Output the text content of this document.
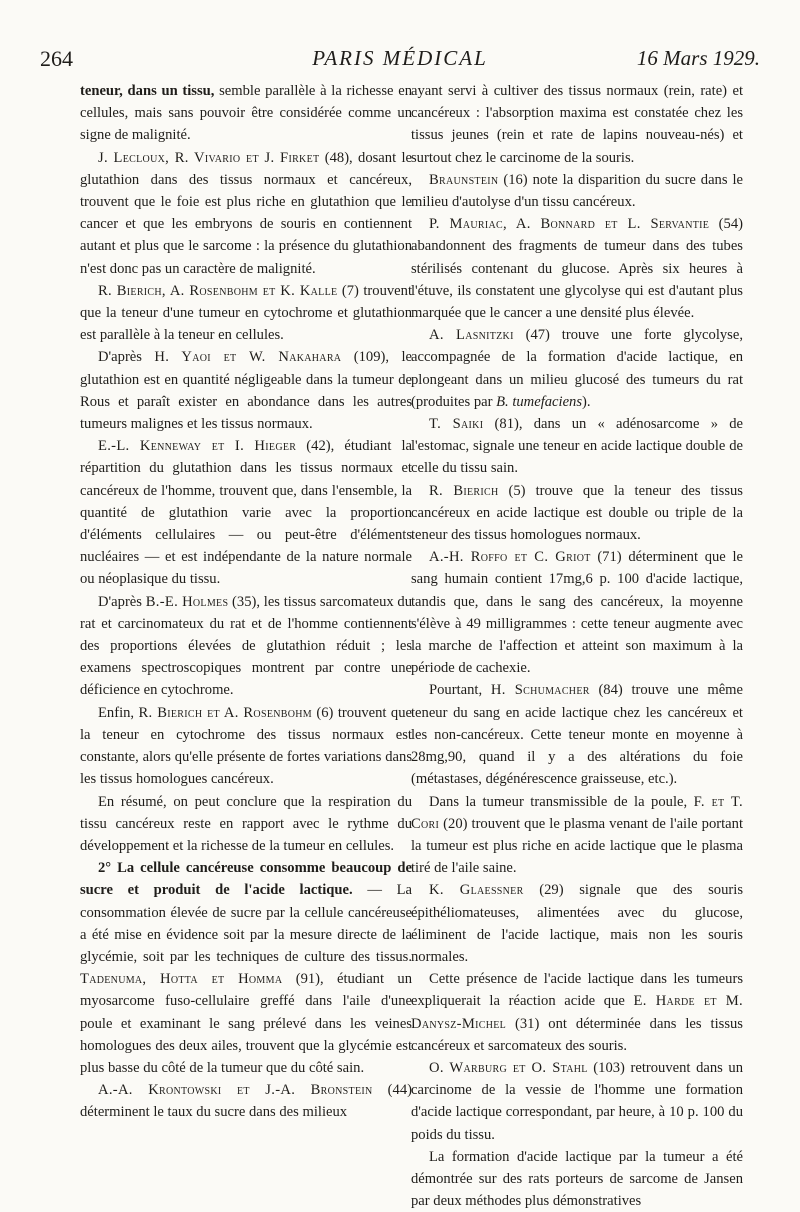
264	PARIS MÉDICAL	16 Mars 1929.

teneur, dans un tissu, semble parallèle à la richesse en cellules, mais sans pouvoir être considérée comme un signe de malignité.

J. Lecloux, R. Vivario et J. Firket (48), dosant le glutathion dans des tissus normaux et cancéreux, trouvent que le foie est plus riche en glutathion que le cancer et que les embryons de souris en contiennent autant et plus que le sarcome : la présence du glutathion n'est donc pas un caractère de malignité.

R. Bierich, A. Rosenbohm et K. Kalle (7) trouvent que la teneur d'une tumeur en cytochrome et glutathion est parallèle à la teneur en cellules.

D'après H. Yaoi et W. Nakahara (109), le glutathion est en quantité négligeable dans la tumeur de Rous et paraît exister en abondance dans les autres tumeurs malignes et les tissus normaux.

E.-L. Kenneway et I. Hieger (42), étudiant la répartition du glutathion dans les tissus normaux et cancéreux de l'homme, trouvent que, dans l'ensemble, la quantité de glutathion varie avec la proportion d'éléments cellulaires — ou peut-être d'éléments nucléaires — et est indépendante de la nature normale ou néoplasique du tissu.

D'après B.-E. Holmes (35), les tissus sarcomateux du rat et carcinomateux du rat et de l'homme contiennent des proportions élevées de glutathion réduit ; les examens spectroscopiques montrent par contre une déficience en cytochrome.

Enfin, R. Bierich et A. Rosenbohm (6) trouvent que la teneur en cytochrome des tissus normaux est constante, alors qu'elle présente de fortes variations dans les tissus homologues cancéreux.

En résumé, on peut conclure que la respiration du tissu cancéreux reste en rapport avec le rythme du développement et la richesse de la tumeur en cellules.

2° La cellule cancéreuse consomme beaucoup de sucre et produit de l'acide lactique. — La consommation élevée de sucre par la cellule cancéreuse a été mise en évidence soit par la mesure directe de la glycémie, soit par les techniques de culture des tissus. Tadenuma, Hotta et Homma (91), étudiant un myosarcome fuso-cellulaire greffé dans l'aile d'une poule et examinant le sang prélevé dans les veines homologues des deux ailes, trouvent que la glycémie est plus basse du côté de la tumeur que du côté sain.

A.-A. Krontowski et J.-A. Bronstein (44) déterminent le taux du sucre dans des milieux

ayant servi à cultiver des tissus normaux (rein, rate) et cancéreux : l'absorption maxima est constatée chez les tissus jeunes (rein et rate de lapins nouveau-nés) et surtout chez le carcinome de la souris.

Braunstein (16) note la disparition du sucre dans le milieu d'autolyse d'un tissu cancéreux.

P. Mauriac, A. Bonnard et L. Servantie (54) abandonnent des fragments de tumeur dans des tubes stérilisés contenant du glucose. Après six heures à l'étuve, ils constatent une glycolyse qui est d'autant plus marquée que le cancer a une densité plus élevée.

A. Lasnitzki (47) trouve une forte glycolyse, accompagnée de la formation d'acide lactique, en plongeant dans un milieu glucosé des tumeurs du rat (produites par B. tumefaciens).

T. Saiki (81), dans un « adénosarcome » de l'estomac, signale une teneur en acide lactique double de celle du tissu sain.

R. Bierich (5) trouve que la teneur des tissus cancéreux en acide lactique est double ou triple de la teneur des tissus homologues normaux.

A.-H. Roffo et C. Griot (71) déterminent que le sang humain contient 17mg,6 p. 100 d'acide lactique, tandis que, dans le sang des cancéreux, la moyenne s'élève à 49 milligrammes : cette teneur augmente avec la marche de l'affection et atteint son maximum à la période de cachexie.

Pourtant, H. Schumacher (84) trouve une même teneur du sang en acide lactique chez les cancéreux et les non-cancéreux. Cette teneur monte en moyenne à 28mg,90, quand il y a des altérations du foie (métastases, dégénérescence graisseuse, etc.).

Dans la tumeur transmissible de la poule, F. et T. Cori (20) trouvent que le plasma venant de l'aile portant la tumeur est plus riche en acide lactique que le plasma tiré de l'aile saine.

K. Glaessner (29) signale que des souris épithéliomateuses, alimentées avec du glucose, éliminent de l'acide lactique, mais non les souris normales.

Cette présence de l'acide lactique dans les tumeurs expliquerait la réaction acide que E. Harde et M. Danysz-Michel (31) ont déterminée dans les tissus cancéreux et sarcomateux des souris.

O. Warburg et O. Stahl (103) retrouvent dans un carcinome de la vessie de l'homme une formation d'acide lactique correspondant, par heure, à 10 p. 100 du poids du tissu.

La formation d'acide lactique par la tumeur a été démontrée sur des rats porteurs de sarcome de Jansen par deux méthodes plus démonstratives
